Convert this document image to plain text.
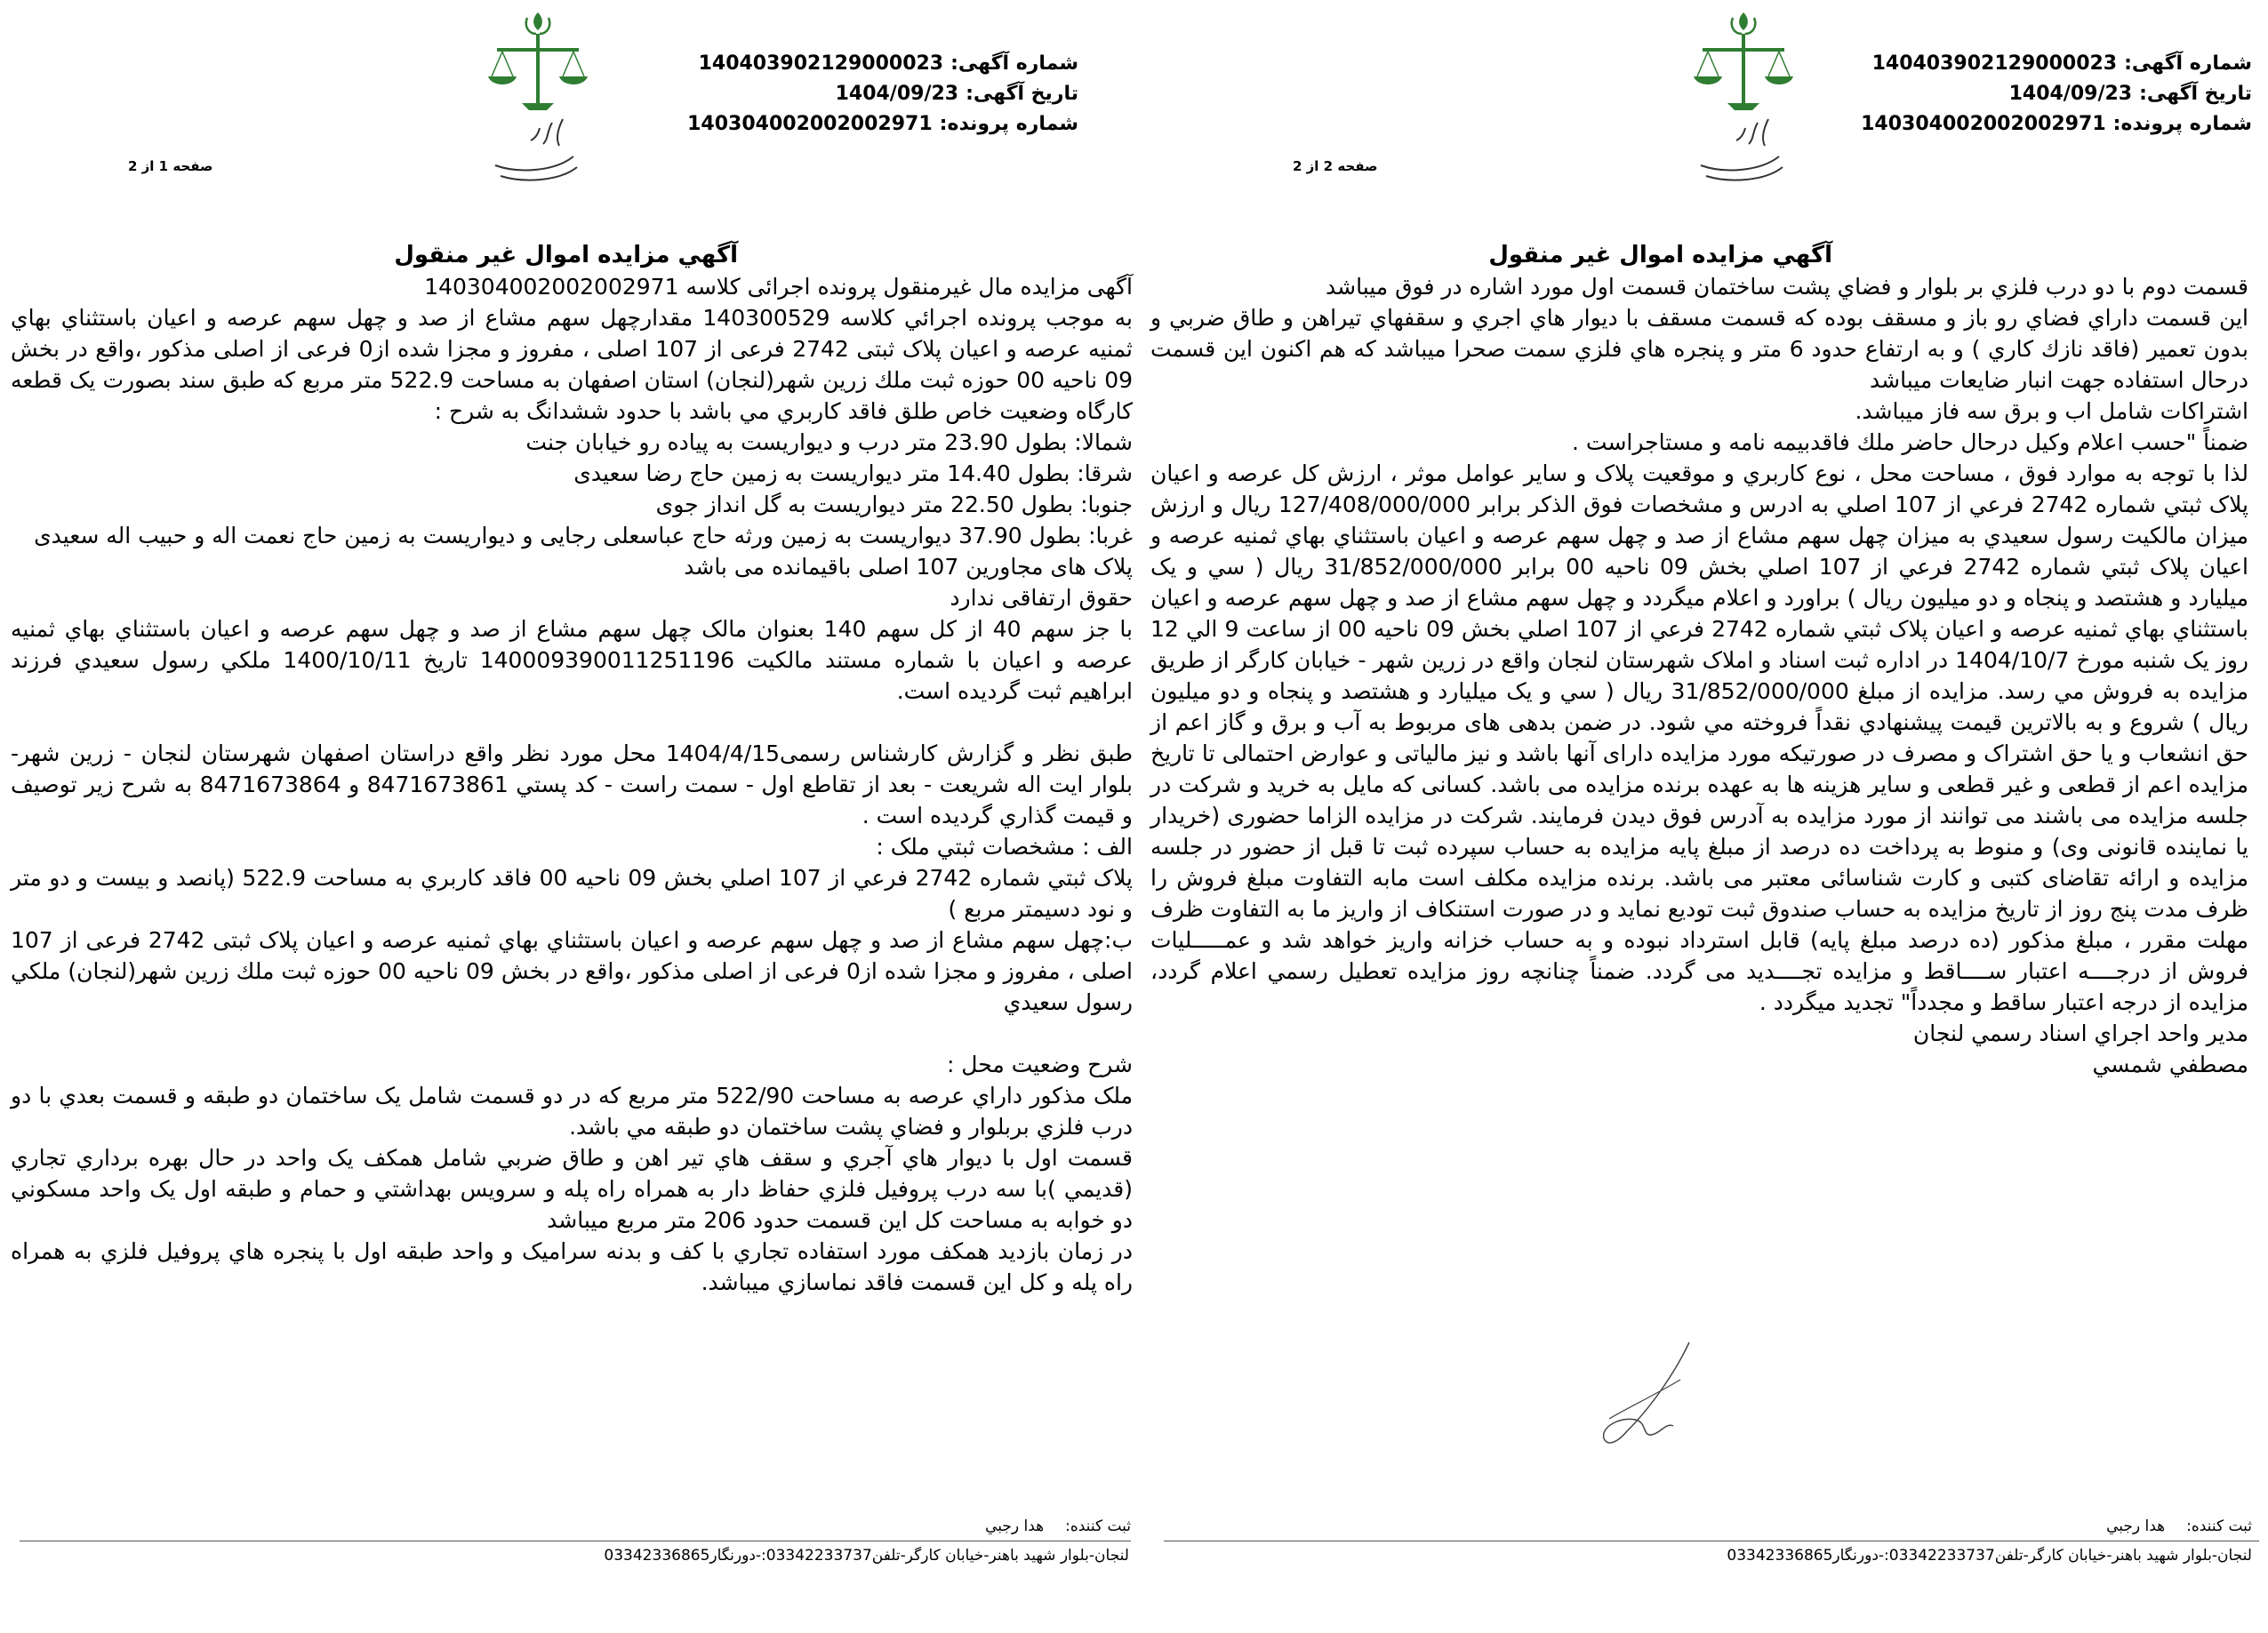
شماره آگهی:140403902129000023
تاریخ آگهی:1404/09/23
شماره پرونده:140304002002002971
صفحه 2 از 2
آگهي مزايده اموال غير منقول

قسمت دوم با دو درب فلزي بر بلوار و فضاي پشت ساختمان قسمت اول مورد اشاره در فوق ميباشد

اين قسمت داراي فضاي رو باز و مسقف بوده كه قسمت مسقف با ديوار هاي اجري و سقفهاي تيراهن و طاق ضربي و بدون تعمير (فاقد نازك كاري ) و به ارتفاع حدود 6 متر و پنجره هاي فلزي سمت صحرا ميباشد كه هم اكنون اين قسمت درحال استفاده جهت انبار ضايعات ميباشد

اشتراكات شامل اب و برق سه فاز ميباشد.

ضمناً "حسب اعلام وكيل درحال حاضر ملك فاقدبيمه نامه و مستاجراست .

لذا با توجه به موارد فوق ، مساحت محل ، نوع كاربري و موقعيت پلاک و ساير عوامل موثر ، ارزش كل عرصه و اعيان پلاک ثبتي شماره 2742 فرعي از 107 اصلي به ادرس و مشخصات فوق الذكر برابر 127/408/000/000 ريال و ارزش ميزان مالكيت رسول سعيدي به ميزان چهل سهم مشاع از صد و چهل سهم عرصه و اعيان باستثناي بهاي ثمنيه عرصه و اعيان پلاک ثبتي شماره 2742 فرعي از 107 اصلي بخش 09 ناحيه 00 برابر 31/852/000/000 ريال ( سي و يک ميليارد و هشتصد و پنجاه و دو ميليون ريال ) براورد و اعلام ميگردد و چهل سهم مشاع از صد و چهل سهم عرصه و اعيان باستثناي بهاي ثمنيه عرصه و اعيان پلاک ثبتي شماره 2742 فرعي از 107 اصلي بخش 09 ناحيه 00 از ساعت 9 الي 12 روز يک شنبه مورخ 1404/10/7 در اداره ثبت اسناد و املاک شهرستان لنجان واقع در زرين شهر - خيابان كارگر از طريق مزايده به فروش مي رسد. مزايده از مبلغ 31/852/000/000 ريال ( سي و يک ميليارد و هشتصد و پنجاه و دو ميليون ريال ) شروع و به بالاترين قيمت پيشنهادي نقداً فروخته مي شود. در ضمن بدهی های مربوط به آب و برق و گاز اعم از حق انشعاب و یا حق اشتراک و مصرف در صورتیکه مورد مزایده دارای آنها باشد و نیز مالیاتی و عوارض احتمالی تا تاریخ مزایده اعم از قطعی و غیر قطعی و سایر هزینه ها به عهده برنده مزایده می باشد. کسانی که مایل به خرید و شرکت در جلسه مزایده می باشند می توانند از مورد مزایده به آدرس فوق دیدن فرمایند. شرکت در مزایده الزاما حضوری (خریدار یا نماینده قانونی وی) و منوط به پرداخت ده درصد از مبلغ پایه مزایده به حساب سپرده ثبت تا قبل از حضور در جلسه مزایده و ارائه تقاضای کتبی و کارت شناسائی معتبر می باشد. برنده مزایده مکلف است مابه التفاوت مبلغ فروش را ظرف مدت پنج روز از تاریخ مزایده به حساب صندوق ثبت تودیع نماید و در صورت استنکاف از واریز ما به التفاوت ظرف مهلت مقرر ، مبلغ مذکور (ده درصد مبلغ پایه) قابل استرداد نبوده و به حساب خزانه واریز خواهد شد و عمـــــليات فروش از درجــــه اعتبار ســــاقط و مزايده تجــــديد می گردد. ضمناً چنانچه روز مزايده تعطيل رسمي اعلام گردد، مزايده از درجه اعتبار ساقط و مجدداً" تجديد ميگردد .

مدير واحد اجراي اسناد رسمي لنجان

مصطفي شمسي

ثبت کننده:هدا رجبي
لنجان-بلوار شهيد باهنر-خيابان كارگر-تلفن03342233737:-دورنگار03342336865
شماره آگهی:140403902129000023
تاریخ آگهی:1404/09/23
شماره پرونده:140304002002002971
صفحه 1 از 2
آگهي مزايده اموال غير منقول

آگهی مزایده مال غیرمنقول پرونده اجرائی كلاسه 140304002002002971

به موجب پرونده اجرائي كلاسه 140300529 مقدارچهل سهم مشاع از صد و چهل سهم عرصه و اعيان باستثناي بهاي ثمنيه عرصه و اعيان پلاک ثبتی 2742 فرعی از 107 اصلی ، مفروز و مجزا شده از0 فرعی از اصلی مذکور ،واقع در بخش 09 ناحيه 00 حوزه ثبت ملك زرين شهر(لنجان) استان اصفهان به مساحت 522.9 متر مربع كه طبق سند بصورت یک قطعه کارگاه وضعيت خاص طلق فاقد کاربري مي باشد با حدود ششدانگ به شرح :

شمالا: بطول 23.90 متر درب و دیواریست به پیاده رو خیابان جنت

شرقا: بطول 14.40 متر دیواریست به زمین حاج رضا سعیدی

جنوبا: بطول 22.50 متر دیواریست به گل انداز جوی

غربا: بطول 37.90 دیواریست به زمین ورثه حاج عباسعلی رجایی و دیواریست به زمین حاج نعمت اله و حبیب اله سعیدی

پلاک های مجاورین 107 اصلی باقیمانده می باشد

حقوق ارتفاقی ندارد

با جز سهم 40 از کل سهم 140 بعنوان مالک چهل سهم مشاع از صد و چهل سهم عرصه و اعيان باستثناي بهاي ثمنيه عرصه و اعيان با شماره مستند مالكيت 140009390011251196 تاريخ 1400/10/11 ملكي رسول سعيدي فرزند ابراهيم ثبت گرديده است.

طبق نظر و گزارش کارشناس رسمی1404/4/15 محل مورد نظر واقع دراستان اصفهان شهرستان لنجان - زرين شهر-بلوار ايت اله شريعت - بعد از تقاطع اول - سمت راست - كد پستي 8471673861 و 8471673864 به شرح زير توصيف و قيمت گذاري گرديده است .

الف : مشخصات ثبتي ملک :

پلاک ثبتي شماره 2742 فرعي از 107 اصلي بخش 09 ناحيه 00 فاقد كاربري به مساحت 522.9 (پانصد و بيست و دو متر و نود دسيمتر مربع )

ب:چهل سهم مشاع از صد و چهل سهم عرصه و اعيان باستثناي بهاي ثمنيه عرصه و اعيان پلاک ثبتی 2742 فرعی از 107 اصلی ، مفروز و مجزا شده از0 فرعی از اصلی مذکور ،واقع در بخش 09 ناحيه 00 حوزه ثبت ملك زرين شهر(لنجان) ملكي رسول سعيدي

شرح وضعيت محل :

ملک مذكور داراي عرصه به مساحت 522/90 متر مربع كه در دو قسمت شامل يک ساختمان دو طبقه و قسمت بعدي با دو درب فلزي بربلوار و فضاي پشت ساختمان دو طبقه مي باشد.

قسمت اول با ديوار هاي آجري و سقف هاي تير اهن و طاق ضربي شامل همكف يک واحد در حال بهره برداري تجاري (قديمي )با سه درب پروفيل فلزي حفاظ دار به همراه راه پله و سرويس بهداشتي و حمام و طبقه اول يک واحد مسكوني دو خوابه به مساحت كل اين قسمت حدود 206 متر مربع ميباشد

در زمان بازديد همكف مورد استفاده تجاري با كف و بدنه سراميک و واحد طبقه اول با پنجره هاي پروفيل فلزي به همراه راه پله و كل اين قسمت فاقد نماسازي ميباشد.

ثبت کننده:هدا رجبي
لنجان-بلوار شهيد باهنر-خيابان كارگر-تلفن03342233737:-دورنگار03342336865
